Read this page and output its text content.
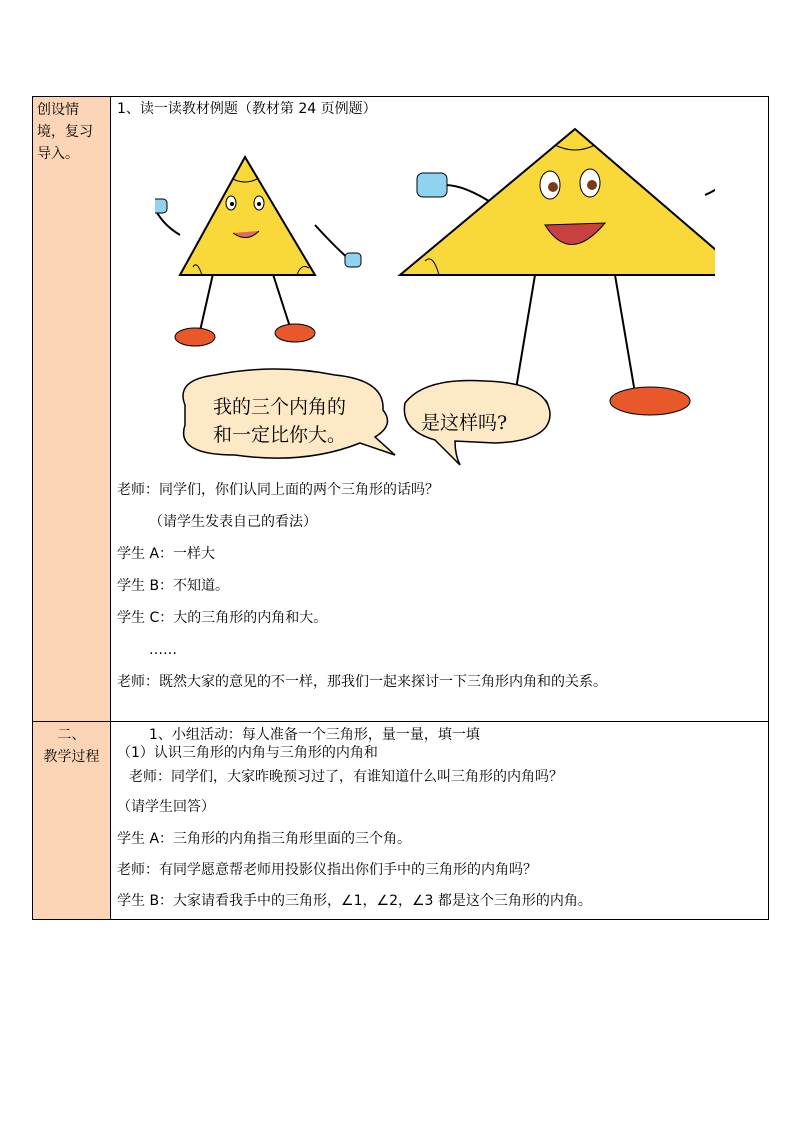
创设情境，复习导入。
1、读一读教材例题（教材第 24 页例题）
我的三个内角的
和一定比你大。
是这样吗?
老师：同学们，你们认同上面的两个三角形的话吗？
（请学生发表自己的看法）
学生 A：一样大
学生 B：不知道。
学生 C：大的三角形的内角和大。
……
老师：既然大家的意见的不一样，那我们一起来探讨一下三角形内角和的关系。
二、
教学过程
1、小组活动：每人准备一个三角形，量一量，填一填
（1）认识三角形的内角与三角形的内角和
老师：同学们，大家昨晚预习过了，有谁知道什么叫三角形的内角吗？
（请学生回答）
学生 A：三角形的内角指三角形里面的三个角。
老师：有同学愿意帮老师用投影仪指出你们手中的三角形的内角吗？
学生 B：大家请看我手中的三角形，∠1，∠2，∠3 都是这个三角形的内角。
